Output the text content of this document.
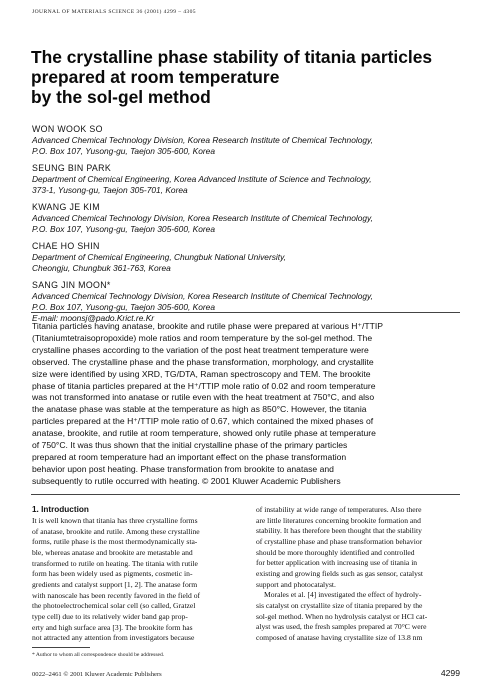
JOURNAL OF MATERIALS SCIENCE 36 (2001) 4299 – 4305
The crystalline phase stability of titania particles
prepared at room temperature
by the sol-gel method
WON WOOK SO
Advanced Chemical Technology Division, Korea Research Institute of Chemical Technology,
P.O. Box 107, Yusong-gu, Taejon 305-600, Korea
SEUNG BIN PARK
Department of Chemical Engineering, Korea Advanced Institute of Science and Technology,
373-1, Yusong-gu, Taejon 305-701, Korea
KWANG JE KIM
Advanced Chemical Technology Division, Korea Research Institute of Chemical Technology,
P.O. Box 107, Yusong-gu, Taejon 305-600, Korea
CHAE HO SHIN
Department of Chemical Engineering, Chungbuk National University,
Cheongju, Chungbuk 361-763, Korea
SANG JIN MOON*
Advanced Chemical Technology Division, Korea Research Institute of Chemical Technology,
P.O. Box 107, Yusong-gu, Taejon 305-600, Korea
E-mail: moonsj@pado.Krict.re.Kr
Titania particles having anatase, brookite and rutile phase were prepared at various H⁺/TTIP
(Titaniumtetraisopropoxide) mole ratios and room temperature by the sol-gel method. The
crystalline phases according to the variation of the post heat treatment temperature were
observed. The crystalline phase and the phase transformation, morphology, and crystallite
size were identified by using XRD, TG/DTA, Raman spectroscopy and TEM. The brookite
phase of titania particles prepared at the H⁺/TTIP mole ratio of 0.02 and room temperature
was not transformed into anatase or rutile even with the heat treatment at 750°C, and also
the anatase phase was stable at the temperature as high as 850°C. However, the titania
particles prepared at the H⁺/TTIP mole ratio of 0.67, which contained the mixed phases of
anatase, brookite, and rutile at room temperature, showed only rutile phase at temperature
of 750°C. It was thus shown that the initial crystalline phase of the primary particles
prepared at room temperature had an important effect on the phase transformation
behavior upon post heating. Phase transformation from brookite to anatase and
subsequently to rutile occurred with heating. © 2001 Kluwer Academic Publishers
1. Introduction
It is well known that titania has three crystalline forms
of anatase, brookite and rutile. Among these crystalline
forms, rutile phase is the most thermodynamically sta-
ble, whereas anatase and brookite are metastable and
transformed to rutile on heating. The titania with rutile
form has been widely used as pigments, cosmetic in-
gredients and catalyst support [1, 2]. The anatase form
with nanoscale has been recently favored in the field of
the photoelectrochemical solar cell (so called, Gratzel
type cell) due to its relatively wider band gap prop-
erty and high surface area [3]. The brookite form has
not attracted any attention from investigators because
of instability at wide range of temperatures. Also there
are little literatures concerning brookite formation and
stability. It has therefore been thought that the stability
of crystalline phase and phase transformation behavior
should be more thoroughly identified and controlled
for better application with increasing use of titania in
existing and growing fields such as gas sensor, catalyst
support and photocatalyst.
Morales et al. [4] investigated the effect of hydroly-
sis catalyst on crystallite size of titania prepared by the
sol-gel method. When no hydrolysis catalyst or HCl cat-
alyst was used, the fresh samples prepared at 70°C were
composed of anatase having crystallite size of 13.8 nm
* Author to whom all correspondence should be addressed.
0022–2461 © 2001 Kluwer Academic Publishers	4299
